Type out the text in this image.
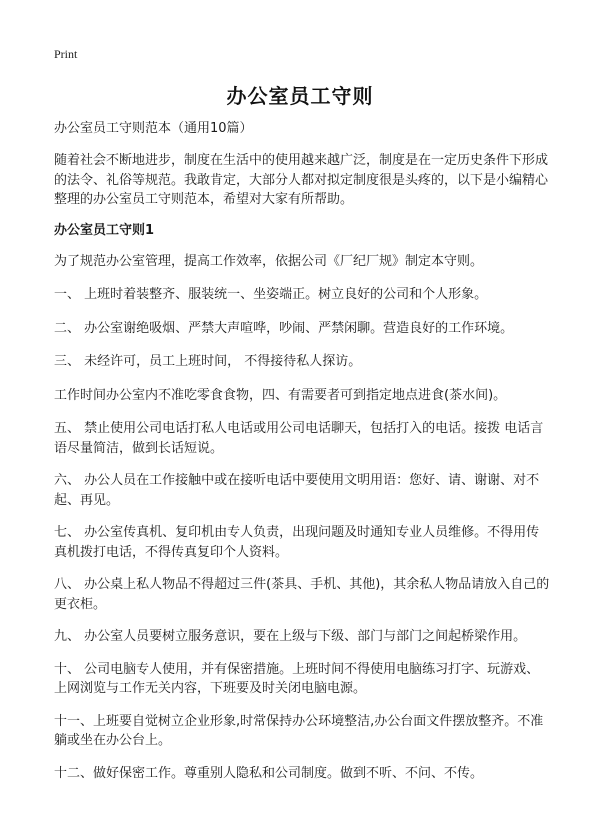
Print
办公室员工守则

办公室员工守则范本（通用10篇）

随着社会不断地进步，制度在生活中的使用越来越广泛，制度是在一定历史条件下形成的法令、礼俗等规范。我敢肯定，大部分人都对拟定制度很是头疼的，以下是小编精心整理的办公室员工守则范本，希望对大家有所帮助。

办公室员工守则1

为了规范办公室管理，提高工作效率，依据公司《厂纪厂规》制定本守则。

一、 上班时着装整齐、服装统一、坐姿端正。树立良好的公司和个人形象。

二、 办公室谢绝吸烟、严禁大声喧哗，吵闹、严禁闲聊。营造良好的工作环境。

三、 未经许可，员工上班时间， 不得接待私人探访。

工作时间办公室内不准吃零食食物，四、有需要者可到指定地点进食(茶水间)。

五、 禁止使用公司电话打私人电话或用公司电话聊天，包括打入的电话。接拨 电话言语尽量简洁，做到长话短说。

六、 办公人员在工作接触中或在接听电话中要使用文明用语：您好、请、谢谢、对不起、再见。

七、 办公室传真机、复印机由专人负责，出现问题及时通知专业人员维修。不得用传真机拨打电话，不得传真复印个人资料。

八、 办公桌上私人物品不得超过三件(茶具、手机、其他)，其余私人物品请放入自己的更衣柜。

九、 办公室人员要树立服务意识，要在上级与下级、部门与部门之间起桥梁作用。

十、 公司电脑专人使用，并有保密措施。上班时间不得使用电脑练习打字、玩游戏、上网浏览与工作无关内容，下班要及时关闭电脑电源。

十一、上班要自觉树立企业形象,时常保持办公环境整洁,办公台面文件摆放整齐。不准躺或坐在办公台上。

十二、做好保密工作。尊重别人隐私和公司制度。做到不听、不问、不传。
